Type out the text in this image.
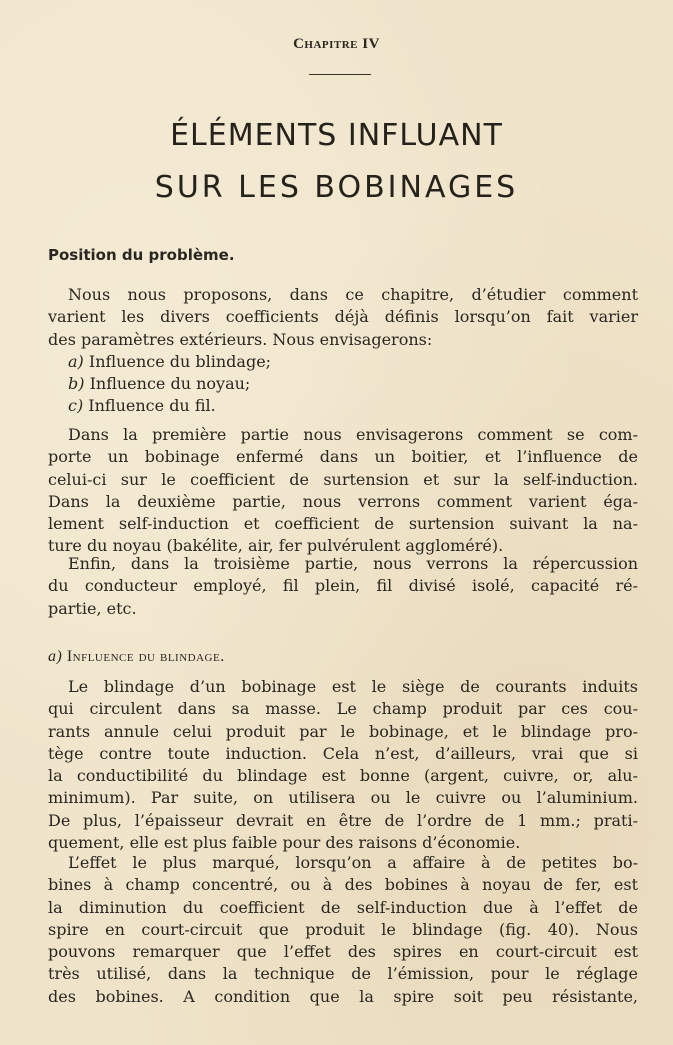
Chapitre IV
ÉLÉMENTS INFLUANT
SUR LES BOBINAGES
Position du problème.
Nous nous proposons, dans ce chapitre, d’étudier comment
varient les divers coefficients déjà définis lorsqu’on fait varier
des paramètres extérieurs. Nous envisagerons:
a) Influence du blindage;
b) Influence du noyau;
c) Influence du fil.
Dans la première partie nous envisagerons comment se com-
porte un bobinage enfermé dans un boitier, et l’influence de
celui-ci sur le coefficient de surtension et sur la self-induction.
Dans la deuxième partie, nous verrons comment varient éga-
lement self-induction et coefficient de surtension suivant la na-
ture du noyau (bakélite, air, fer pulvérulent aggloméré).
Enfin, dans la troisième partie, nous verrons la répercussion
du conducteur employé, fil plein, fil divisé isolé, capacité ré-
partie, etc.
a) Influence du blindage.
Le blindage d’un bobinage est le siège de courants induits
qui circulent dans sa masse. Le champ produit par ces cou-
rants annule celui produit par le bobinage, et le blindage pro-
tège contre toute induction. Cela n’est, d’ailleurs, vrai que si
la conductibilité du blindage est bonne (argent, cuivre, or, alu-
minimum). Par suite, on utilisera ou le cuivre ou l’aluminium.
De plus, l’épaisseur devrait en être de l’ordre de 1 mm.; prati-
quement, elle est plus faible pour des raisons d’économie.
L’effet le plus marqué, lorsqu’on a affaire à de petites bo-
bines à champ concentré, ou à des bobines à noyau de fer, est
la diminution du coefficient de self-induction due à l’effet de
spire en court-circuit que produit le blindage (fig. 40). Nous
pouvons remarquer que l’effet des spires en court-circuit est
très utilisé, dans la technique de l’émission, pour le réglage
des bobines. A condition que la spire soit peu résistante,
